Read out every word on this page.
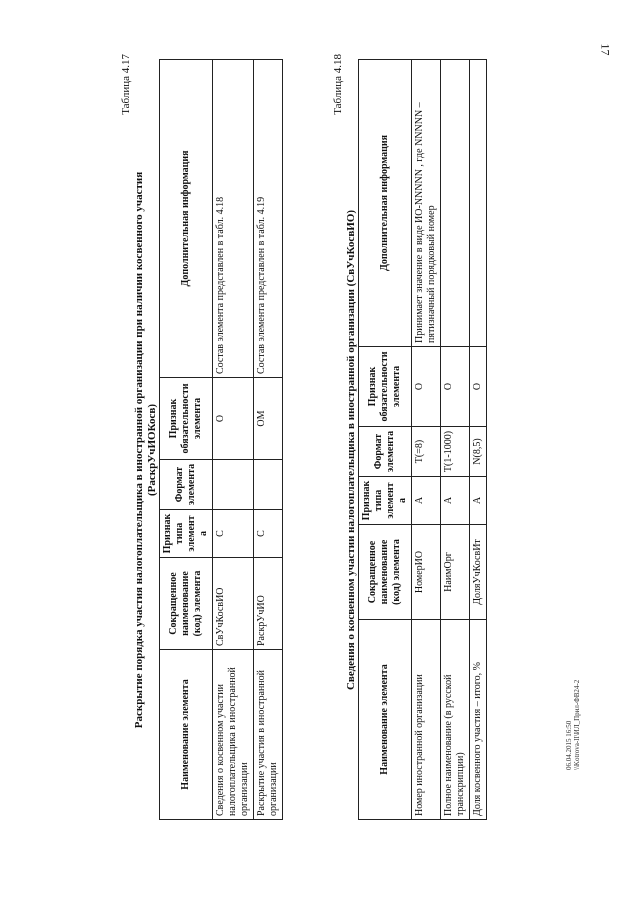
17
06.04.2015 16:50 \\Kotrova-II\ИЛ_Прил-ФВ24-2
Таблица 4.17
Раскрытие порядка участия налогоплательщика в иностранной организации при наличии косвенного участия (РаскрУчИОКосв)
Наименование элемента	Сокращенное наименование (код) элемента	Признак типа элемента	Формат элемента	Признак обязательности элемента	Дополнительная информация
Сведения о косвенном участии налогоплательщика в иностранной организации	СвУчКосвИО	С		О	Состав элемента представлен в табл. 4.18
Раскрытие участия в иностранной организации	РаскрУчИО	С		ОМ	Состав элемента представлен в табл. 4.19
Таблица 4.18
Сведения о косвенном участии налогоплательщика в иностранной организации (СвУчКосвИО)
Наименование элемента	Сокращенное наименование (код) элемента	Признак типа элемента	Формат элемента	Признак обязательности элемента	Дополнительная информация
Номер иностранной организации	НомерИО	А	Т(=8)	О	Принимает значение в виде ИО-NNNNN , где NNNNN – пятизначный порядковый номер
Полное наименование (в русской транскрипции)	НаимОрг	А	Т(1-1000)	О	
Доля косвенного участия – итого, %	ДоляУчКосвИт	А	N(8,5)	О	
